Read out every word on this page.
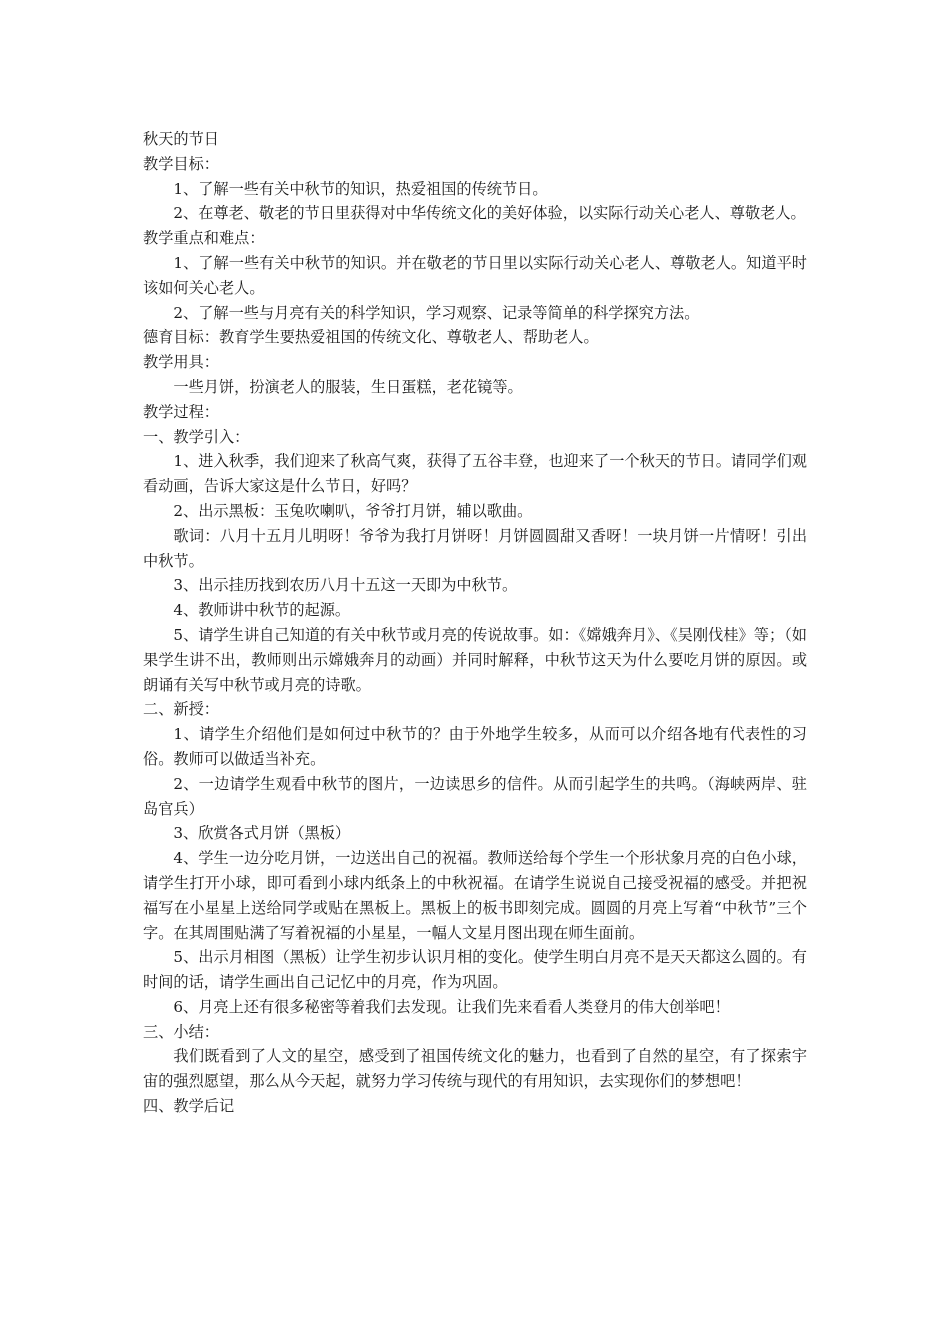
秋天的节日

教学目标：

1、了解一些有关中秋节的知识，热爱祖国的传统节日。

2、在尊老、敬老的节日里获得对中华传统文化的美好体验，以实际行动关心老人、尊敬老人。

教学重点和难点：

1、了解一些有关中秋节的知识。并在敬老的节日里以实际行动关心老人、尊敬老人。知道平时该如何关心老人。

2、了解一些与月亮有关的科学知识，学习观察、记录等简单的科学探究方法。

德育目标：教育学生要热爱祖国的传统文化、尊敬老人、帮助老人。

教学用具：

一些月饼，扮演老人的服装，生日蛋糕，老花镜等。

教学过程：

一、教学引入：

1、进入秋季，我们迎来了秋高气爽，获得了五谷丰登，也迎来了一个秋天的节日。请同学们观看动画，告诉大家这是什么节日，好吗？

2、出示黑板：玉兔吹喇叭，爷爷打月饼，辅以歌曲。

歌词：八月十五月儿明呀！爷爷为我打月饼呀！月饼圆圆甜又香呀！一块月饼一片情呀！引出中秋节。

3、出示挂历找到农历八月十五这一天即为中秋节。

4、教师讲中秋节的起源。

5、请学生讲自己知道的有关中秋节或月亮的传说故事。如：《嫦娥奔月》、《吴刚伐桂》等；（如果学生讲不出，教师则出示嫦娥奔月的动画）并同时解释，中秋节这天为什么要吃月饼的原因。或朗诵有关写中秋节或月亮的诗歌。

二、新授：

1、请学生介绍他们是如何过中秋节的？由于外地学生较多，从而可以介绍各地有代表性的习俗。教师可以做适当补充。

2、一边请学生观看中秋节的图片，一边读思乡的信件。从而引起学生的共鸣。（海峡两岸、驻岛官兵）

3、欣赏各式月饼（黑板）

4、学生一边分吃月饼，一边送出自己的祝福。教师送给每个学生一个形状象月亮的白色小球，请学生打开小球，即可看到小球内纸条上的中秋祝福。在请学生说说自己接受祝福的感受。并把祝福写在小星星上送给同学或贴在黑板上。黑板上的板书即刻完成。圆圆的月亮上写着“中秋节”三个字。在其周围贴满了写着祝福的小星星，一幅人文星月图出现在师生面前。

5、出示月相图（黑板）让学生初步认识月相的变化。使学生明白月亮不是天天都这么圆的。有时间的话，请学生画出自己记忆中的月亮，作为巩固。

6、月亮上还有很多秘密等着我们去发现。让我们先来看看人类登月的伟大创举吧！

三、小结：

我们既看到了人文的星空，感受到了祖国传统文化的魅力，也看到了自然的星空，有了探索宇宙的强烈愿望，那么从今天起，就努力学习传统与现代的有用知识，去实现你们的梦想吧！

四、教学后记
